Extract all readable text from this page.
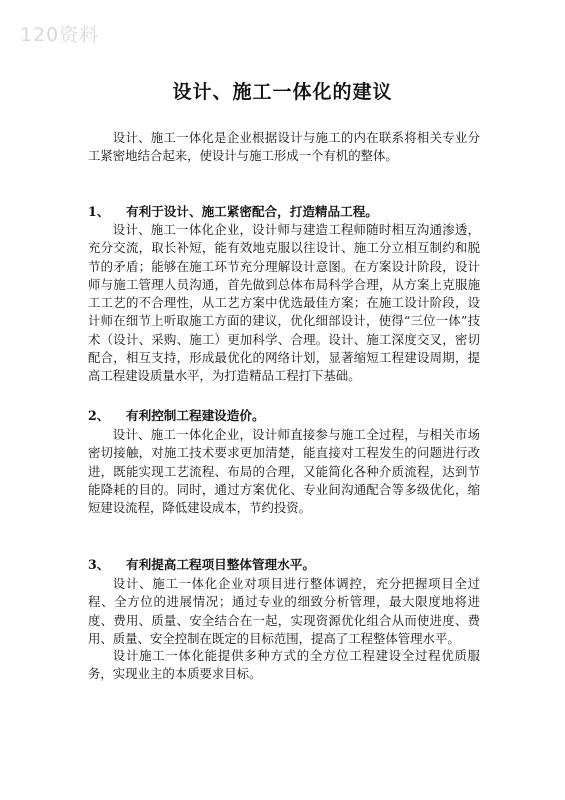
120资料
设计、施工一体化的建议

设计、施工一体化是企业根据设计与施工的内在联系将相关专业分工紧密地结合起来，使设计与施工形成一个有机的整体。

1、 有利于设计、施工紧密配合，打造精品工程。

设计、施工一体化企业，设计师与建造工程师随时相互沟通渗透，充分交流，取长补短，能有效地克服以往设计、施工分立相互制约和脱节的矛盾；能够在施工环节充分理解设计意图。在方案设计阶段，设计师与施工管理人员沟通，首先做到总体布局科学合理，从方案上克服施工工艺的不合理性，从工艺方案中优选最佳方案；在施工设计阶段，设计师在细节上听取施工方面的建议，优化细部设计，使得“三位一体”技术（设计、采购、施工）更加科学、合理。设计、施工深度交叉，密切配合，相互支持，形成最优化的网络计划，显著缩短工程建设周期，提高工程建设质量水平，为打造精品工程打下基础。

2、 有利控制工程建设造价。

设计、施工一体化企业，设计师直接参与施工全过程，与相关市场密切接触，对施工技术要求更加清楚，能直接对工程发生的问题进行改进，既能实现工艺流程、布局的合理，又能简化各种介质流程，达到节能降耗的目的。同时，通过方案优化、专业间沟通配合等多级优化，缩短建设流程，降低建设成本，节约投资。

3、 有利提高工程项目整体管理水平。

设计、施工一体化企业对项目进行整体调控，充分把握项目全过程、全方位的进展情况；通过专业的细致分析管理，最大限度地将进度、费用、质量、安全结合在一起，实现资源优化组合从而使进度、费用、质量、安全控制在既定的目标范围，提高了工程整体管理水平。

设计施工一体化能提供多种方式的全方位工程建设全过程优质服务，实现业主的本质要求目标。
